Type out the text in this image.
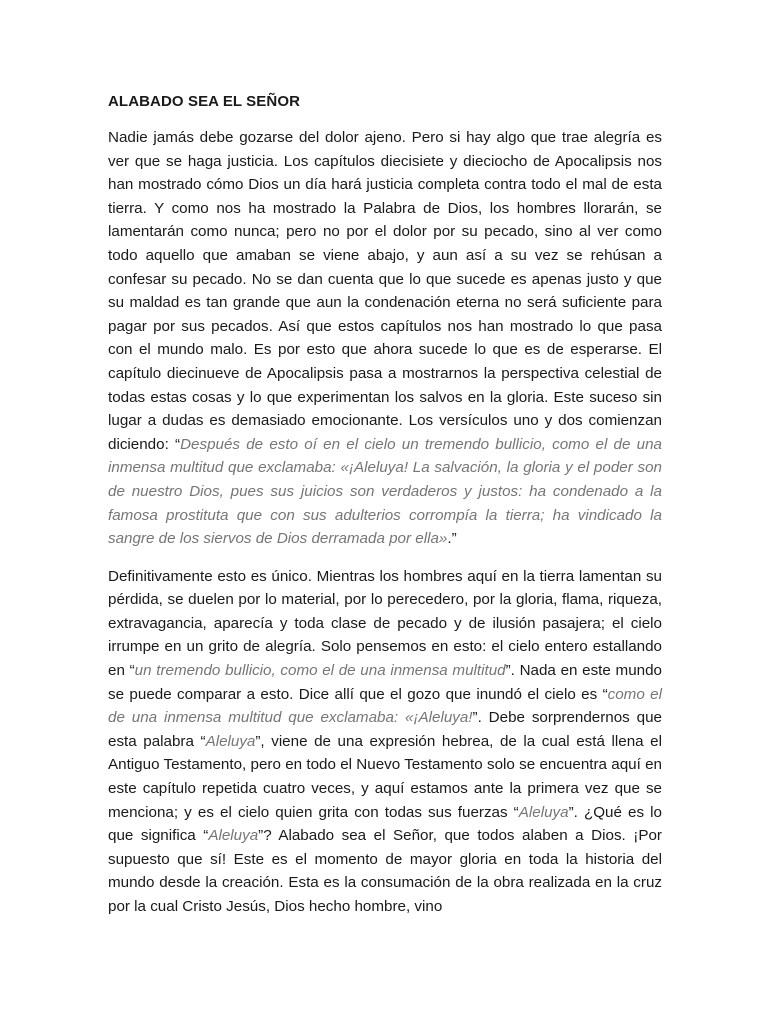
ALABADO SEA EL SEÑOR

Nadie jamás debe gozarse del dolor ajeno. Pero si hay algo que trae alegría es ver que se haga justicia. Los capítulos diecisiete y dieciocho de Apocalipsis nos han mostrado cómo Dios un día hará justicia completa contra todo el mal de esta tierra. Y como nos ha mostrado la Palabra de Dios, los hombres llorarán, se lamentarán como nunca; pero no por el dolor por su pecado, sino al ver como todo aquello que amaban se viene abajo, y aun así a su vez se rehúsan a confesar su pecado. No se dan cuenta que lo que sucede es apenas justo y que su maldad es tan grande que aun la condenación eterna no será suficiente para pagar por sus pecados. Así que estos capítulos nos han mostrado lo que pasa con el mundo malo. Es por esto que ahora sucede lo que es de esperarse. El capítulo diecinueve de Apocalipsis pasa a mostrarnos la perspectiva celestial de todas estas cosas y lo que experimentan los salvos en la gloria. Este suceso sin lugar a dudas es demasiado emocionante. Los versículos uno y dos comienzan diciendo: “Después de esto oí en el cielo un tremendo bullicio, como el de una inmensa multitud que exclamaba: «¡Aleluya! La salvación, la gloria y el poder son de nuestro Dios, pues sus juicios son verdaderos y justos: ha condenado a la famosa prostituta que con sus adulterios corrompía la tierra; ha vindicado la sangre de los siervos de Dios derramada por ella».”

Definitivamente esto es único. Mientras los hombres aquí en la tierra lamentan su pérdida, se duelen por lo material, por lo perecedero, por la gloria, flama, riqueza, extravagancia, aparecía y toda clase de pecado y de ilusión pasajera; el cielo irrumpe en un grito de alegría. Solo pensemos en esto: el cielo entero estallando en “un tremendo bullicio, como el de una inmensa multitud”. Nada en este mundo se puede comparar a esto. Dice allí que el gozo que inundó el cielo es “como el de una inmensa multitud que exclamaba: «¡Aleluya!”. Debe sorprendernos que esta palabra “Aleluya”, viene de una expresión hebrea, de la cual está llena el Antiguo Testamento, pero en todo el Nuevo Testamento solo se encuentra aquí en este capítulo repetida cuatro veces, y aquí estamos ante la primera vez que se menciona; y es el cielo quien grita con todas sus fuerzas “Aleluya”. ¿Qué es lo que significa “Aleluya”? Alabado sea el Señor, que todos alaben a Dios. ¡Por supuesto que sí! Este es el momento de mayor gloria en toda la historia del mundo desde la creación. Esta es la consumación de la obra realizada en la cruz por la cual Cristo Jesús, Dios hecho hombre, vino
